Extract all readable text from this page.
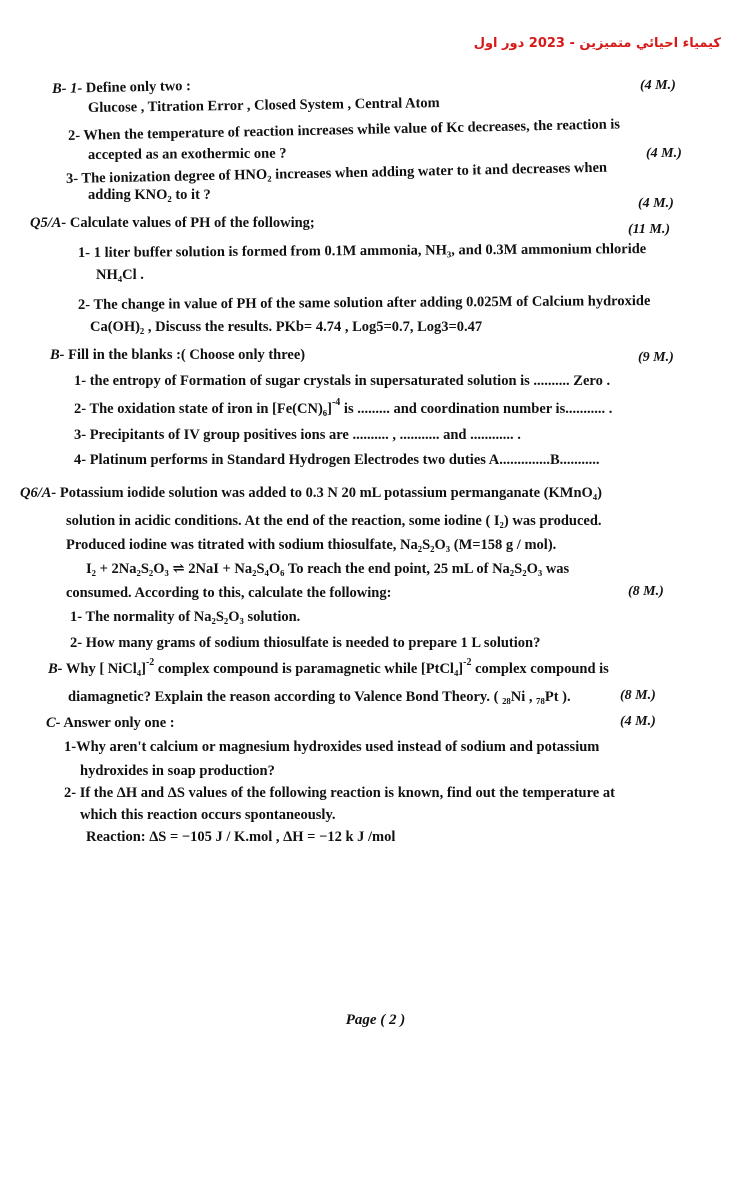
كيمياء احيائي متميزين - 2023 دور اول
B- 1- Define only two :	(4 M.)
Glucose , Titration Error , Closed System , Central Atom
2- When the temperature of reaction increases while value of Kc decreases, the reaction is
accepted as an exothermic one ?	(4 M.)
3- The ionization degree of HNO₂ increases when adding water to it and decreases when
adding KNO₂ to it ?
(4 M.)
Q5/A- Calculate values of PH of the following;	(11 M.)
1- 1 liter buffer solution is formed from 0.1M ammonia, NH₃, and 0.3M ammonium chloride
NH₄Cl .
2- The change in value of PH of the same solution after adding 0.025M of Calcium hydroxide
Ca(OH)₂ , Discuss the results. PKb= 4.74 , Log5=0.7, Log3=0.47
B- Fill in the blanks :( Choose only three)	(9 M.)
1- the entropy of Formation of sugar crystals in supersaturated solution is .......... Zero .
2- The oxidation state of iron in $[Fe(CN)_6]^{-4}$ is ......... and coordination number is........... .
3- Precipitants of IV group positives ions are .......... , ........... and ............ .
4- Platinum performs in Standard Hydrogen Electrodes two duties A..............B...........
Q6/A- Potassium iodide solution was added to 0.3 N 20 mL potassium permanganate (KMnO₄)
solution in acidic conditions. At the end of the reaction, some iodine ( I₂) was produced.
Produced iodine was titrated with sodium thiosulfate, Na₂S₂O₃ (M=158 g / mol).
I₂ + 2Na₂S₂O₃ ⇌ 2NaI + Na₂S₄O₆ To reach the end point, 25 mL of Na₂S₂O₃ was
consumed. According to this, calculate the following:	(8 M.)
1- The normality of Na₂S₂O₃ solution.
2- How many grams of sodium thiosulfate is needed to prepare 1 L solution?
B- Why [ NiCl₄]$^{-2}$ complex compound is paramagnetic while [PtCl₄]$^{-2}$ complex compound is
diamagnetic? Explain the reason according to Valence Bond Theory. ( ₂₈Ni , ₇₈Pt ).	(8 M.)
C- Answer only one :	(4 M.)
1-Why aren't calcium or magnesium hydroxides used instead of sodium and potassium
hydroxides in soap production?
2- If the ΔH and ΔS values of the following reaction is known, find out the temperature at
which this reaction occurs spontaneously.
Reaction: ΔS = −105 J / K.mol , ΔH = −12 k J /mol
Page ( 2 )
